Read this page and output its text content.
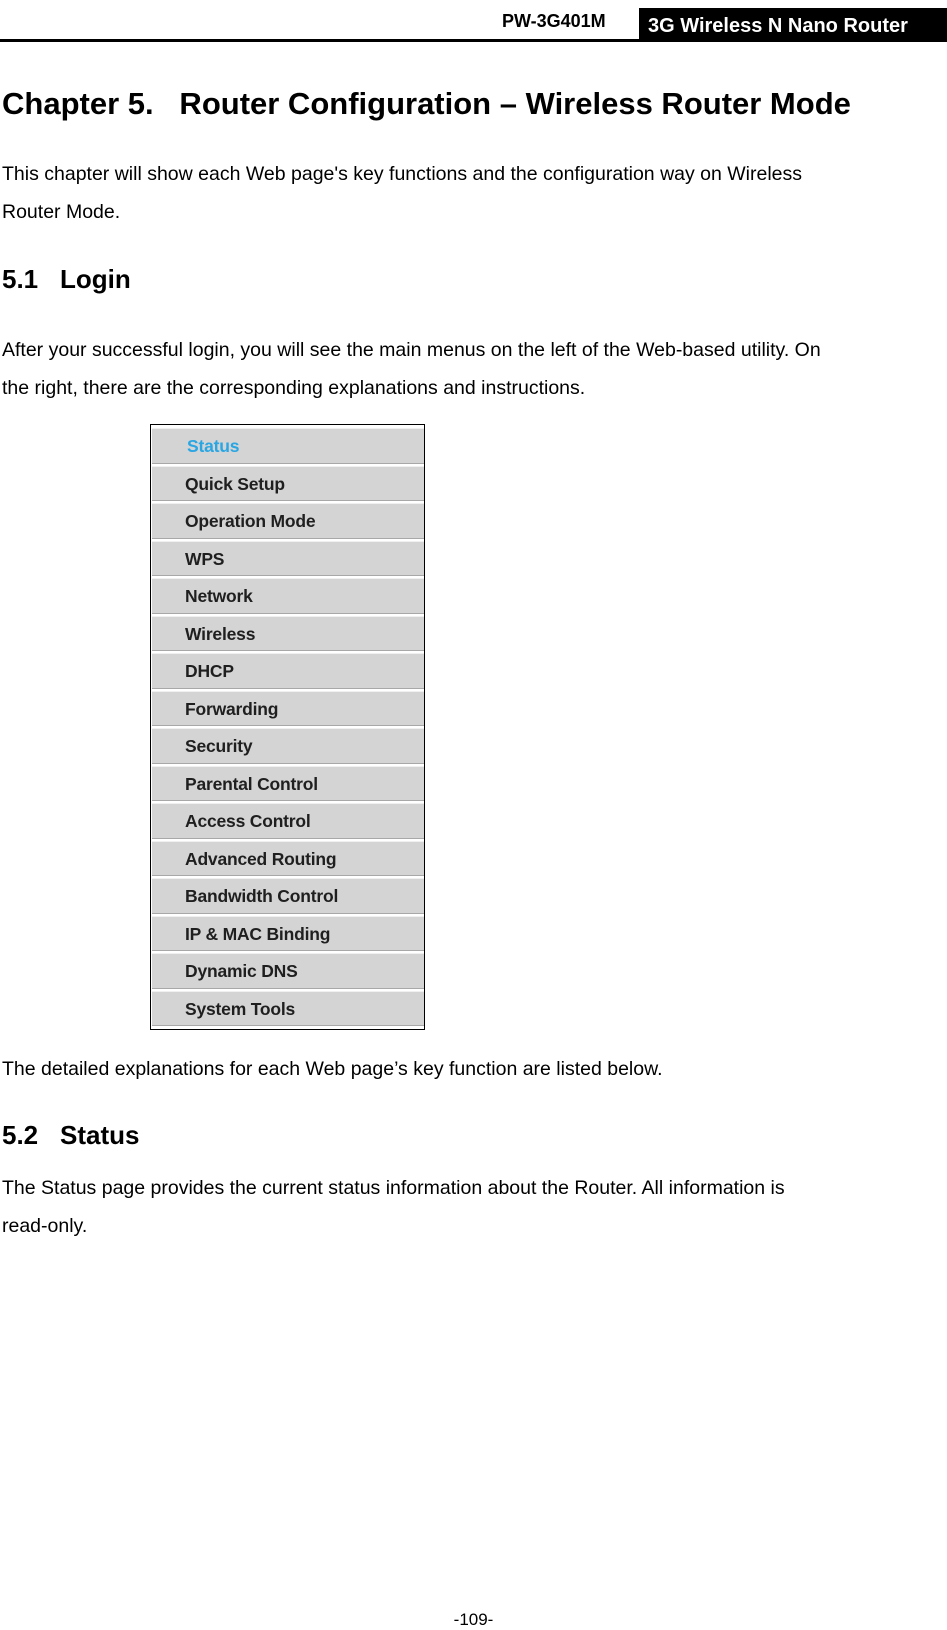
PW-3G401M 3G Wireless N Nano Router
Chapter 5.   Router Configuration – Wireless Router Mode
This chapter will show each Web page's key functions and the configuration way on Wireless
Router Mode.
5.1 Login
After your successful login, you will see the main menus on the left of the Web-based utility. On
the right, there are the corresponding explanations and instructions.
Status
Quick Setup
Operation Mode
WPS
Network
Wireless
DHCP
Forwarding
Security
Parental Control
Access Control
Advanced Routing
Bandwidth Control
IP & MAC Binding
Dynamic DNS
System Tools
The detailed explanations for each Web page’s key function are listed below.
5.2 Status
The Status page provides the current status information about the Router. All information is
read-only.
-109-
